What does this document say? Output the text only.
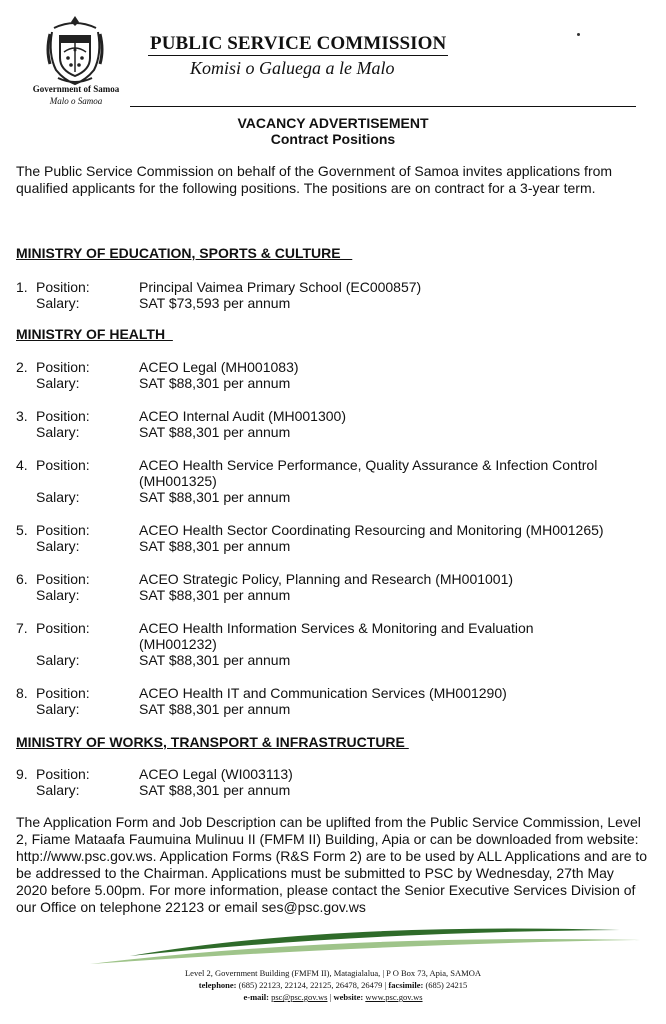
Government of Samoa
Malo o Samoa
PUBLIC SERVICE COMMISSION
Komisi o Galuega a le Malo
VACANCY ADVERTISEMENT
Contract Positions
The Public Service Commission on behalf of the Government of Samoa invites applications from qualified applicants for the following positions. The positions are on contract for a 3-year term.
MINISTRY OF EDUCATION, SPORTS & CULTURE
1. Position:	Principal Vaimea Primary School (EC000857)
Salary:	SAT $73,593 per annum
MINISTRY OF HEALTH
2. Position:	ACEO Legal (MH001083)
Salary:	SAT $88,301 per annum
3. Position:	ACEO Internal Audit (MH001300)
Salary:	SAT $88,301 per annum
4. Position:	ACEO Health Service Performance, Quality Assurance & Infection Control
(MH001325)
Salary:	SAT $88,301 per annum
5. Position:	ACEO Health Sector Coordinating Resourcing and Monitoring (MH001265)
Salary:	SAT $88,301 per annum
6. Position:	ACEO Strategic Policy, Planning and Research (MH001001)
Salary:	SAT $88,301 per annum
7. Position:	ACEO Health Information Services & Monitoring and Evaluation
(MH001232)
Salary:	SAT $88,301 per annum
8. Position:	ACEO Health IT and Communication Services (MH001290)
Salary:	SAT $88,301 per annum
MINISTRY OF WORKS, TRANSPORT & INFRASTRUCTURE
9. Position:	ACEO Legal (WI003113)
Salary:	SAT $88,301 per annum
The Application Form and Job Description can be uplifted from the Public Service Commission, Level 2, Fiame Mataafa Faumuina Mulinuu II (FMFM II) Building, Apia or can be downloaded from website: http://www.psc.gov.ws. Application Forms (R&S Form 2) are to be used by ALL Applications and are to be addressed to the Chairman. Applications must be submitted to PSC by Wednesday, 27th May 2020 before 5.00pm. For more information, please contact the Senior Executive Services Division of our Office on telephone 22123 or email ses@psc.gov.ws
Level 2, Government Building (FMFM II), Matagialalua, | P O Box 73, Apia, SAMOA
telephone: (685) 22123, 22124, 22125, 26478, 26479 | facsimile: (685) 24215
e-mail: psc@psc.gov.ws | website: www.psc.gov.ws
